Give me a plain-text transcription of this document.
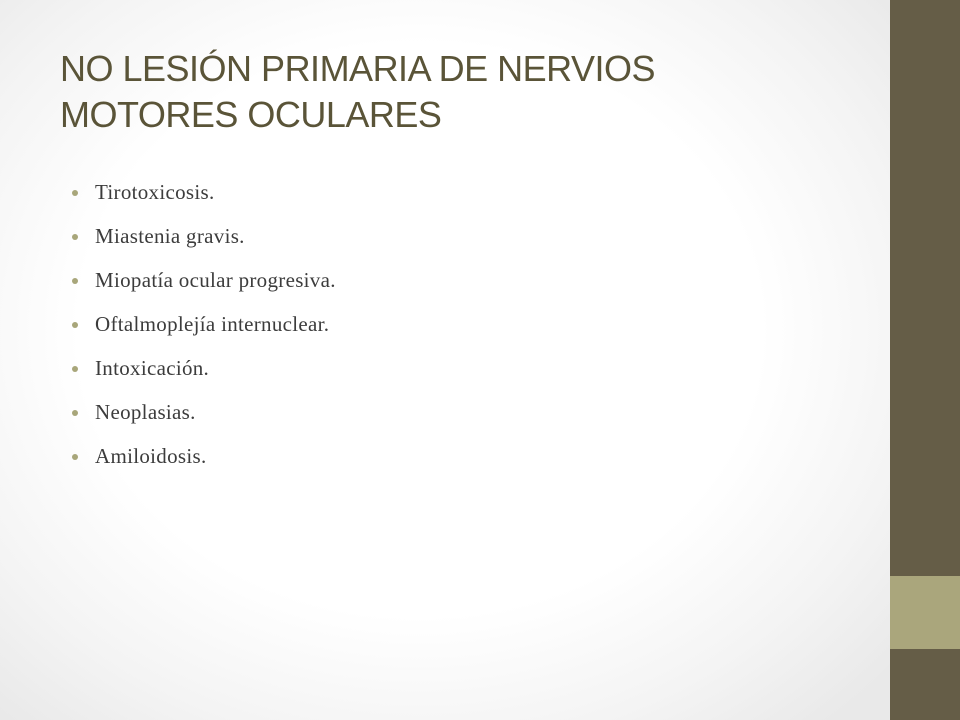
NO LESIÓN PRIMARIA DE NERVIOS
MOTORES OCULARES
Tirotoxicosis.
Miastenia gravis.
Miopatía ocular progresiva.
Oftalmoplejía internuclear.
Intoxicación.
Neoplasias.
Amiloidosis.
